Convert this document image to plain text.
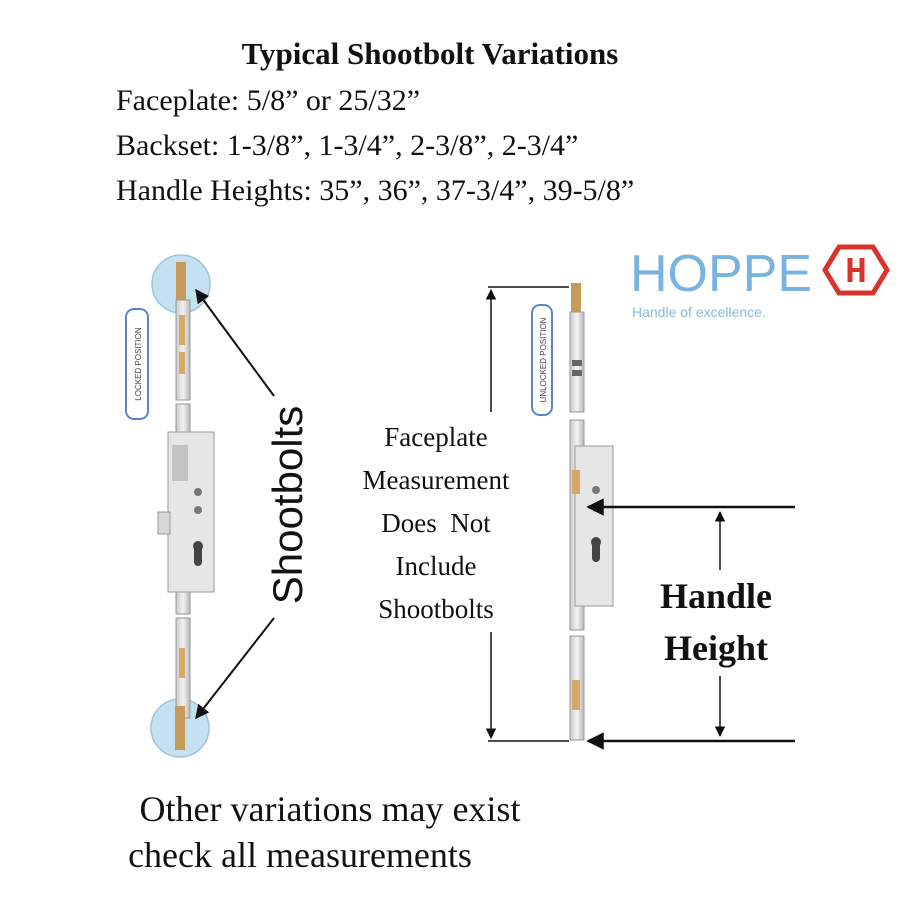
Typical Shootbolt Variations
Faceplate: 5/8” or 25/32”
Backset: 1-3/8”, 1-3/4”, 2-3/8”, 2-3/4”
Handle Heights: 35”, 36”, 37-3/4”, 39-5/8”
HOPPE
Handle of excellence.
LOCKED POSITION	UNLOCKED POSITION
Shootbolts	Faceplate
Measurement
Does  Not
Include
Shootbolts	Handle
Height
Other variations may exist
check all measurements
